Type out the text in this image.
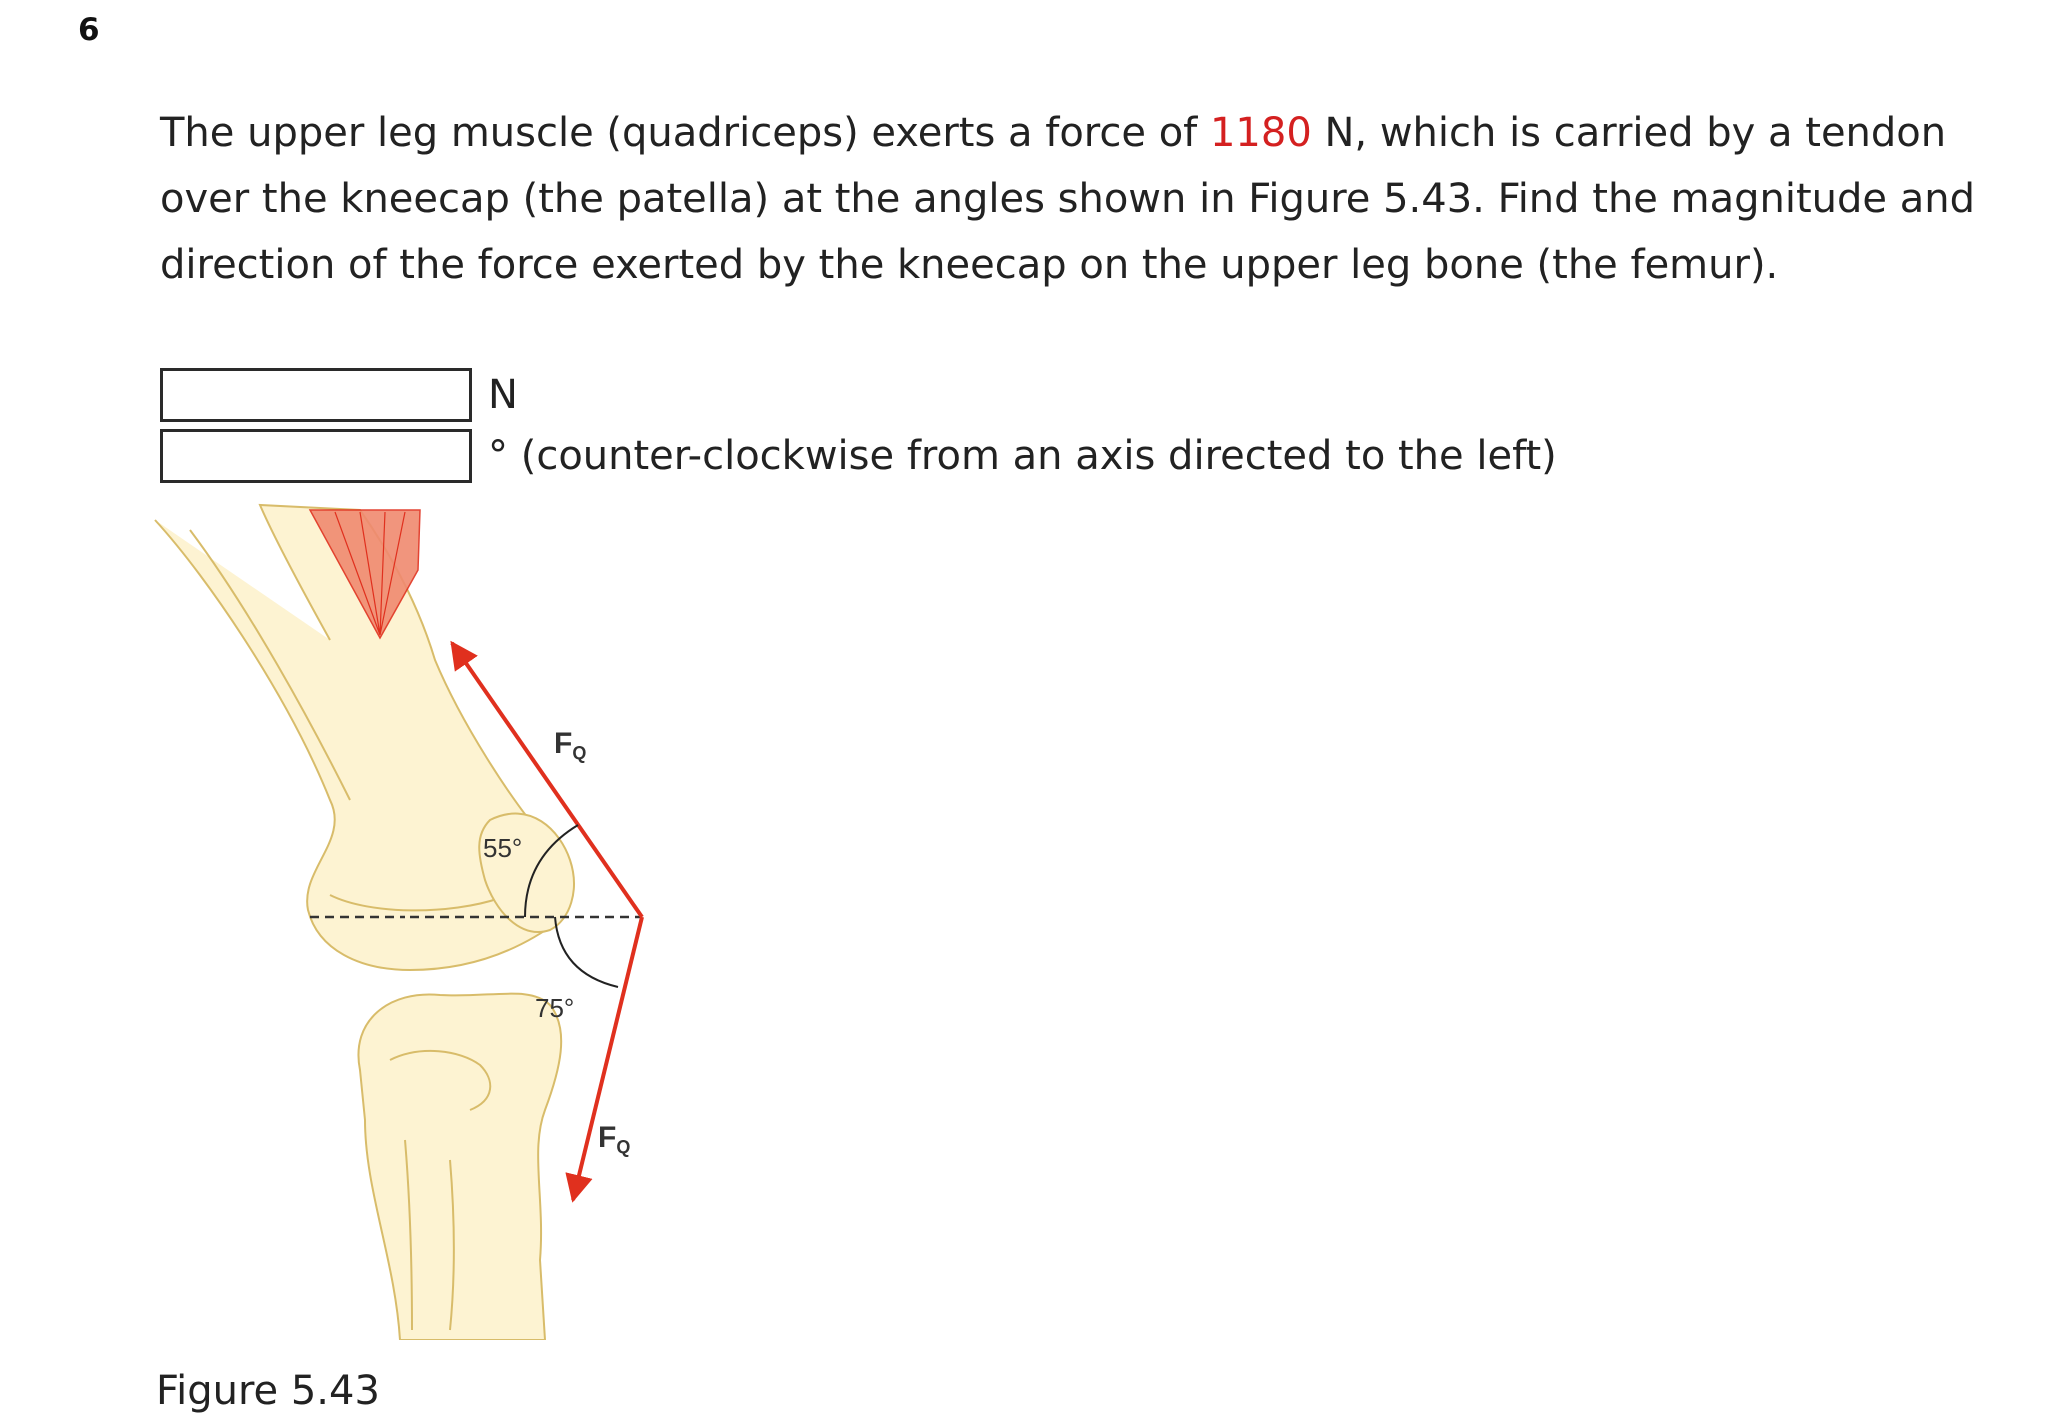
6
The upper leg muscle (quadriceps) exerts a force of 1180 N, which is carried by a tendon over the kneecap (the patella) at the angles shown in Figure 5.43. Find the magnitude and direction of the force exerted by the kneecap on the upper leg bone (the femur).
N
° (counter-clockwise from an axis directed to the left)
$F_Q$
$F_Q$
55°
75°
Figure 5.43
